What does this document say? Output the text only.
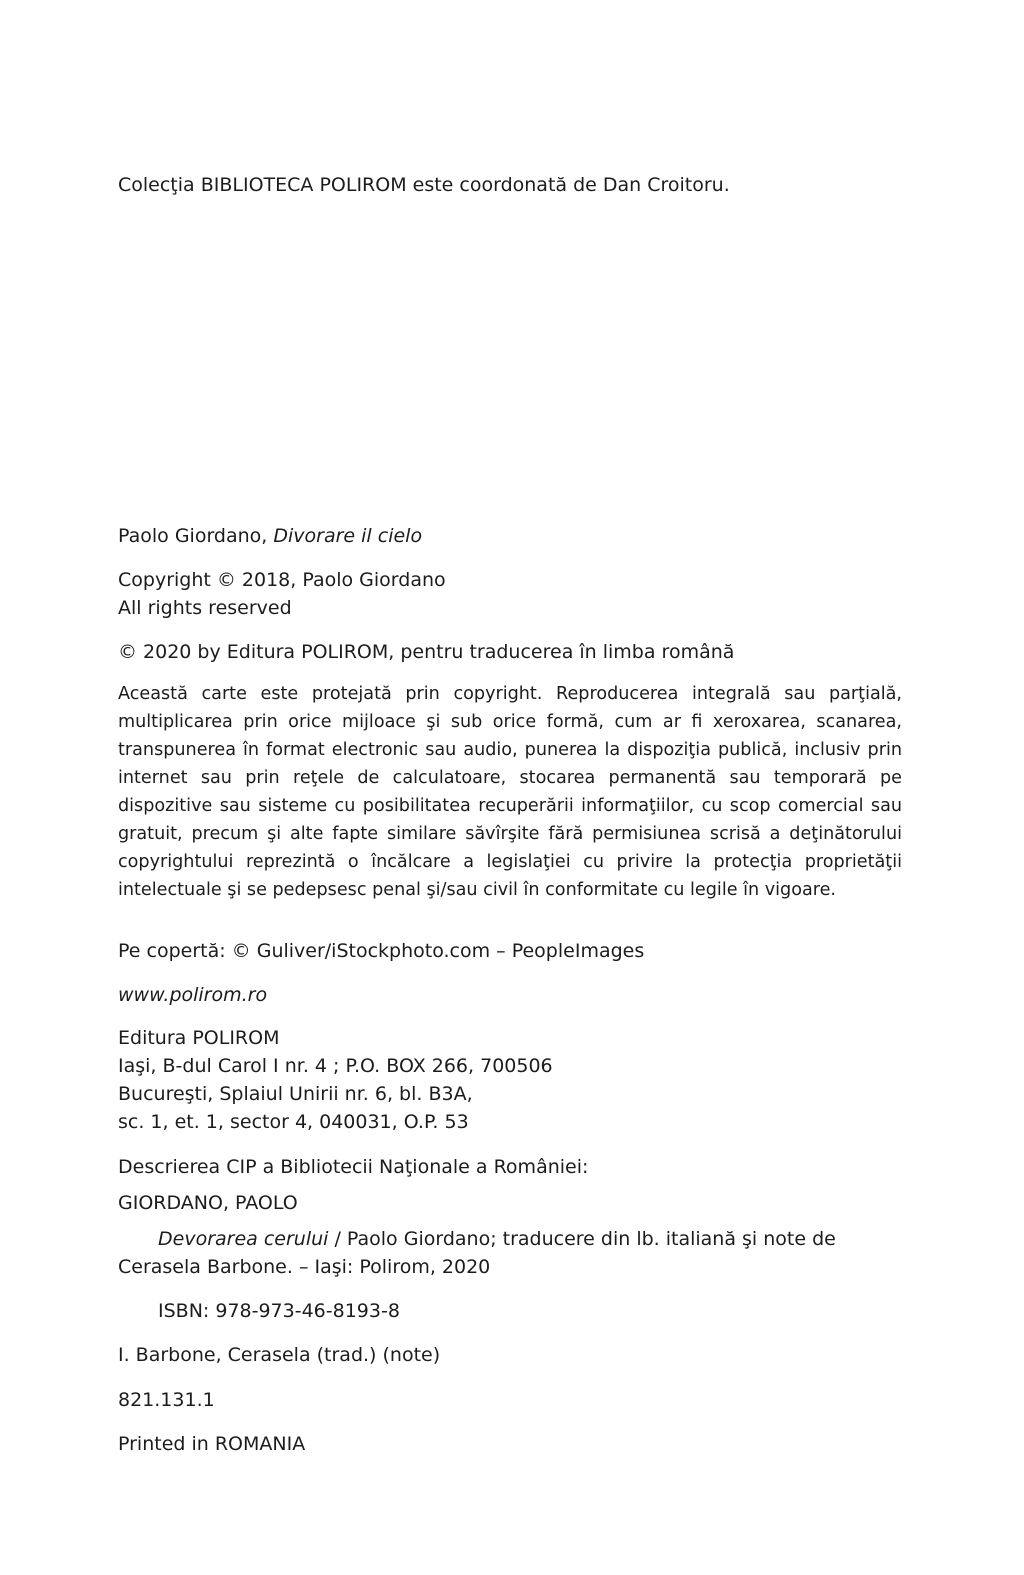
Colecţia BIBLIOTECA POLIROM este coordonată de Dan Croitoru.

Paolo Giordano, Divorare il cielo

Copyright © 2018, Paolo Giordano

All rights reserved

© 2020 by Editura POLIROM, pentru traducerea în limba română

Această carte este protejată prin copyright. Reproducerea integrală sau parţială, multiplicarea prin orice mijloace şi sub orice formă, cum ar fi xeroxarea, scanarea, transpunerea în format electronic sau audio, punerea la dispoziţia publică, inclusiv prin internet sau prin reţele de calculatoare, stocarea permanentă sau temporară pe dispozitive sau sisteme cu posibilitatea recuperării informaţiilor, cu scop comercial sau gratuit, precum şi alte fapte similare săvîrşite fără permisiunea scrisă a deţinătorului copyrightului reprezintă o încălcare a legislaţiei cu privire la protecţia proprietăţii intelectuale şi se pedepsesc penal şi/sau civil în conformitate cu legile în vigoare.

Pe copertă: © Guliver/iStockphoto.com – PeopleImages

www.polirom.ro

Editura POLIROM

Iaşi, B-dul Carol I nr. 4 ; P.O. BOX 266, 700506

Bucureşti, Splaiul Unirii nr. 6, bl. B3A,

sc. 1, et. 1, sector 4, 040031, O.P. 53

Descrierea CIP a Bibliotecii Naţionale a României:

GIORDANO, PAOLO

Devorarea cerului / Paolo Giordano; traducere din lb. italiană şi note de

Cerasela Barbone. – Iaşi: Polirom, 2020

ISBN: 978-973-46-8193-8

I. Barbone, Cerasela (trad.) (note)

821.131.1

Printed in ROMANIA
